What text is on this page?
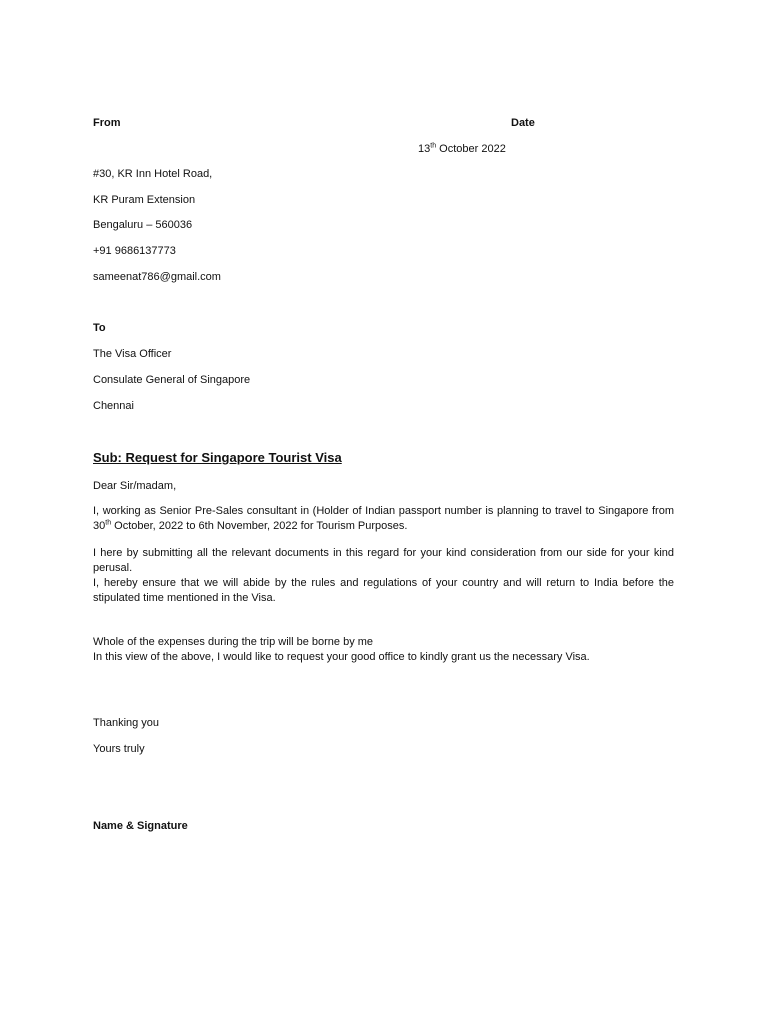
From	Date
13th October 2022
#30, KR Inn Hotel Road,
KR Puram Extension
Bengaluru – 560036
+91 9686137773
sameenat786@gmail.com
To
The Visa Officer
Consulate General of Singapore
Chennai
Sub: Request for Singapore Tourist Visa
Dear Sir/madam,
I, working as Senior Pre-Sales consultant in (Holder of Indian passport number is planning to travel to Singapore from 30th October, 2022 to 6th November, 2022 for Tourism Purposes.
I here by submitting all the relevant documents in this regard for your kind consideration from our side for your kind perusal.
I, hereby ensure that we will abide by the rules and regulations of your country and will return to India before the stipulated time mentioned in the Visa.
Whole of the expenses during the trip will be borne by me
In this view of the above, I would like to request your good office to kindly grant us the necessary Visa.
Thanking you
Yours truly
Name & Signature
